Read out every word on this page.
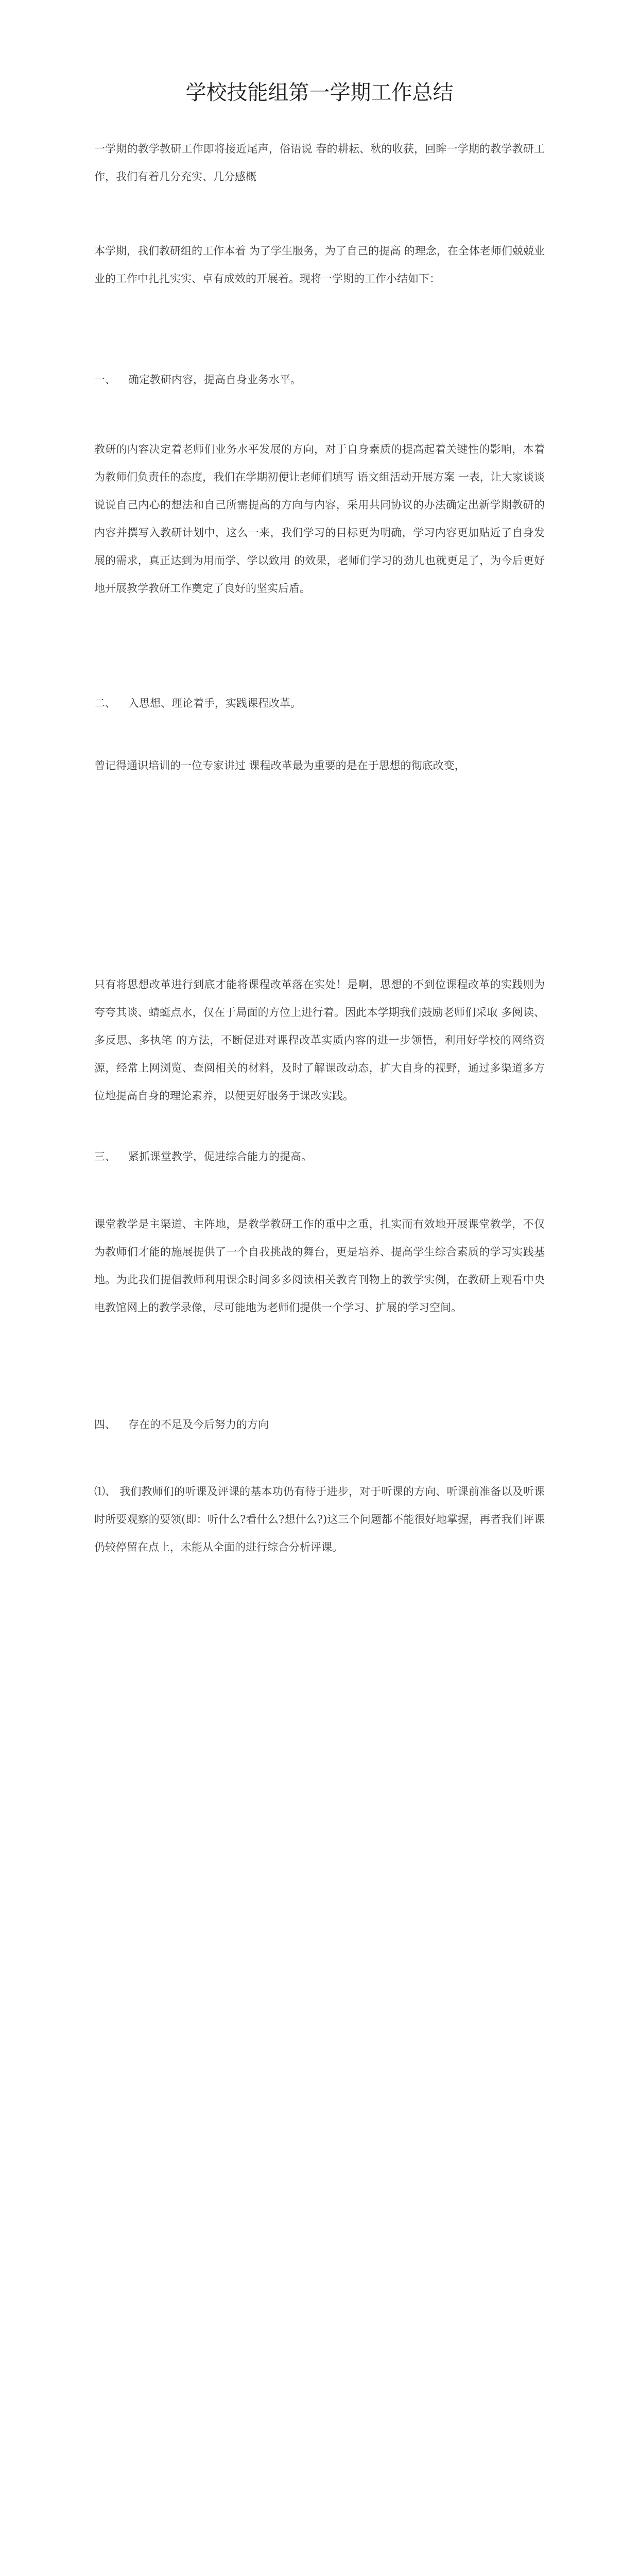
学校技能组第一学期工作总结

一学期的教学教研工作即将接近尾声，俗语说 春的耕耘、秋的收获，回眸一学期的教学教研工作，我们有着几分充实、几分感概

本学期，我们教研组的工作本着 为了学生服务，为了自己的提高 的理念，在全体老师们兢兢业业的工作中扎扎实实、卓有成效的开展着。现将一学期的工作小结如下：

一、 确定教研内容，提高自身业务水平。

教研的内容决定着老师们业务水平发展的方向，对于自身素质的提高起着关键性的影响，本着为教师们负责任的态度，我们在学期初便让老师们填写 语文组活动开展方案 一表，让大家谈谈说说自己内心的想法和自己所需提高的方向与内容，采用共同协议的办法确定出新学期教研的内容并撰写入教研计划中，这么一来，我们学习的目标更为明确，学习内容更加贴近了自身发展的需求，真正达到为用而学、学以致用 的效果，老师们学习的劲儿也就更足了，为今后更好地开展教学教研工作奠定了良好的坚实后盾。

二、 入思想、理论着手，实践课程改革。

曾记得通识培训的一位专家讲过 课程改革最为重要的是在于思想的彻底改变，

只有将思想改革进行到底才能将课程改革落在实处！是啊，思想的不到位课程改革的实践则为夸夸其谈、蜻蜓点水，仅在于局面的方位上进行着。因此本学期我们鼓励老师们采取 多阅读、多反思、多执笔 的方法，不断促进对课程改革实质内容的进一步领悟，利用好学校的网络资源，经常上网浏览、查阅相关的材料，及时了解课改动态，扩大自身的视野，通过多渠道多方位地提高自身的理论素养，以便更好服务于课改实践。

三、 紧抓课堂教学，促进综合能力的提高。

课堂教学是主渠道、主阵地，是教学教研工作的重中之重，扎实而有效地开展课堂教学，不仅为教师们才能的施展提供了一个自我挑战的舞台，更是培养、提高学生综合素质的学习实践基地。为此我们提倡教师利用课余时间多多阅读相关教育刊物上的教学实例，在教研上观看中央电教馆网上的教学录像，尽可能地为老师们提供一个学习、扩展的学习空间。

四、 存在的不足及今后努力的方向

⑴、 我们教师们的听课及评课的基本功仍有待于进步，对于听课的方向、听课前准备以及听课时所要观察的要领(即：听什么?看什么?想什么?)这三个问题都不能很好地掌握，再者我们评课仍较停留在点上，未能从全面的进行综合分析评课。
